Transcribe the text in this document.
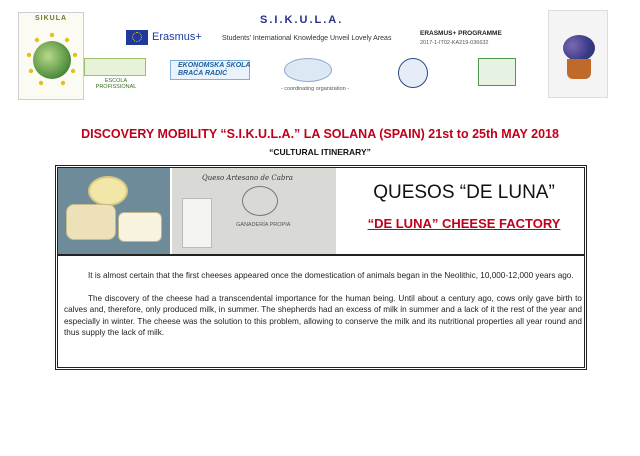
SIKULA
Erasmus+
S.I.K.U.L.A.
Students' International Knowledge Unveil Lovely Areas
ERASMUS+ PROGRAMME
2017-1-IT02-KA219-036632
ESCOLA PROFISSIONAL
EKONOMSKA ŠKOLA
BRAĆA RADIĆ
- coordinating organization -
DISCOVERY MOBILITY “S.I.K.U.L.A.” LA SOLANA (SPAIN) 21st to 25th MAY 2018
“CULTURAL ITINERARY”
Queso Artesano de Cabra
GANADERÍA PROPIA
QUESOS “DE LUNA”
“DE LUNA” CHEESE FACTORY

It is almost certain that the first cheeses appeared once the domestication of animals began in the Neolithic, 10,000-12,000 years ago.

The discovery of the cheese had a transcendental importance for the human being. Until about a century ago, cows only gave birth to calves and, therefore, only produced milk, in summer. The shepherds had an excess of milk in summer and a lack of it the rest of the year and especially in winter. The cheese was the solution to this problem, allowing to conserve the milk and its nutritional properties all year round and thus supply the lack of milk.
